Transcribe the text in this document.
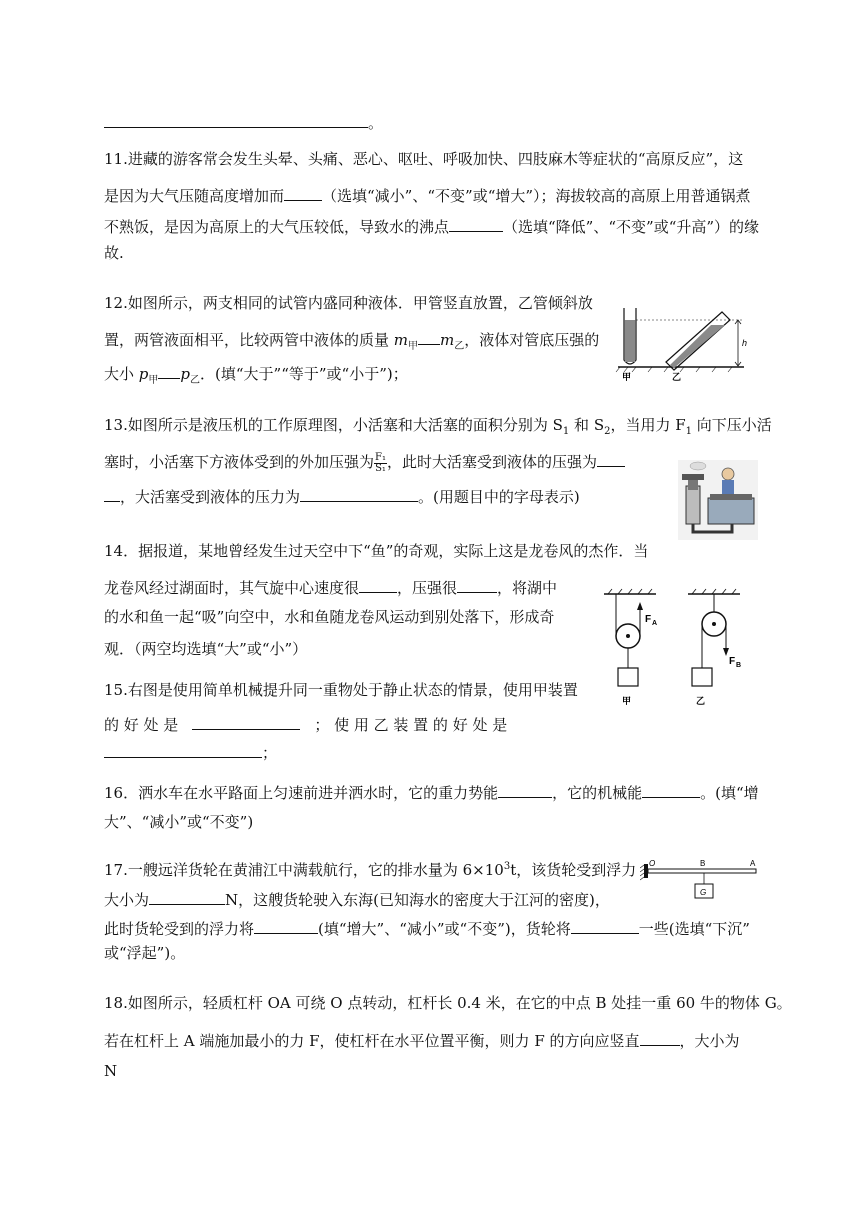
。
11.进藏的游客常会发生头晕、头痛、恶心、呕吐、呼吸加快、四肢麻木等症状的“高原反应”，这
是因为大气压随高度增加而	（选填“减小”、“不变”或“增大”）；海拔较高的高原上用普通锅煮
不熟饭，是因为高原上的大气压较低，导致水的沸点	（选填“降低”、“不变”或“升高”）的缘
故.
12.如图所示，两支相同的试管内盛同种液体．甲管竖直放置，乙管倾斜放
置，两管液面相平，比较两管中液体的质量 $m_甲$ $m_乙$，液体对管底压强的
大小 $p_甲$ $p_乙$．(填“大于”“等于”或“小于”)；
h
甲	乙
13.如图所示是液压机的工作原理图，小活塞和大活塞的面积分别为 $S_1$ 和 $S_2$，当用力 $F_1$ 向下压小活
塞时，小活塞下方液体受到的外加压强为 $\frac{\text{F₁}}{\text{S₁}}$ ，此时大活塞受到液体的压强为
，大活塞受到液体的压力为	。(用题目中的字母表示)
14．据报道，某地曾经发生过天空中下“鱼”的奇观，实际上这是龙卷风的杰作．当
龙卷风经过湖面时，其气旋中心速度很	，压强很	，将湖中
的水和鱼一起“吸”向空中，水和鱼随龙卷风运动到别处落下，形成奇
观．（两空均选填“大”或“小”）
15.右图是使用简单机械提升同一重物处于静止状态的情景，使用甲装置
的 好 处 是	； 使 用 乙 装 置 的 好 处 是
；
F A
甲
F B
乙
16．洒水车在水平路面上匀速前进并洒水时，它的重力势能	，它的机械能	。(填“增
大”、“减小”或“不变”)
17.一艘远洋货轮在黄浦江中满载航行，它的排水量为 $6\times 10^3t$，该货轮受到浮力
大小为	N，这艘货轮驶入东海(已知海水的密度大于江河的密度)，
此时货轮受到的浮力将	(填“增大”、“减小”或“不变”)，货轮将	一些(选填“下沉”
或“浮起”)。
O	B	A
G
18.如图所示，轻质杠杆 OA 可绕 O 点转动，杠杆长 0.4 米，在它的中点 B 处挂一重 60 牛的物体 G。
若在杠杆上 A 端施加最小的力 F，使杠杆在水平位置平衡，则力 F 的方向应竖直	，大小为
N
